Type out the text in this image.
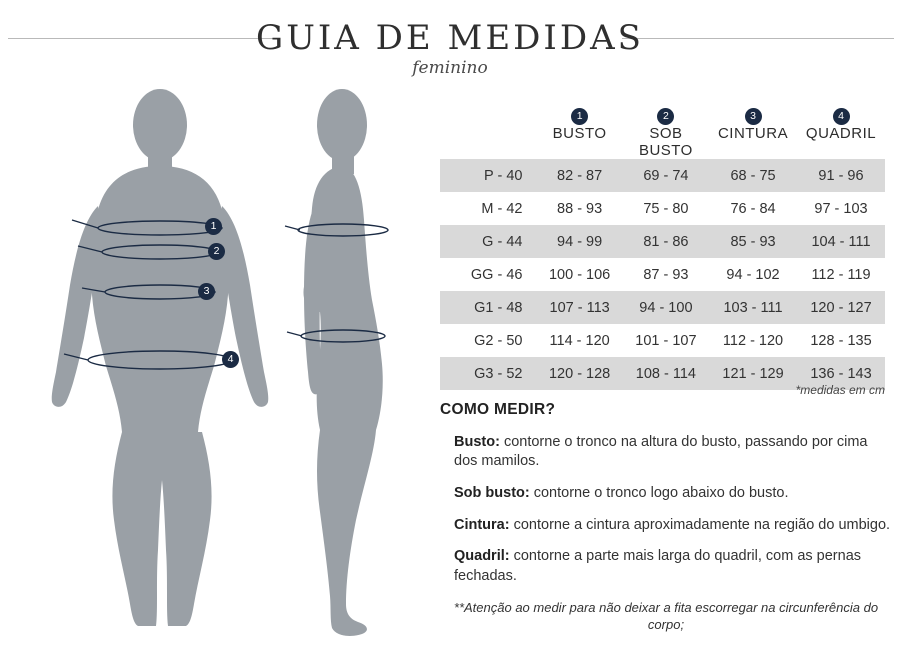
GUIA DE MEDIDAS
feminino
1
2
3
4
	1	2	3	4
	BUSTO	SOB BUSTO	CINTURA	QUADRIL
P - 40	82 - 87	69 - 74	68 - 75	91 - 96
M - 42	88 - 93	75 - 80	76 - 84	97 - 103
G - 44	94 - 99	81 - 86	85 - 93	104 - 111
GG - 46	100 - 106	87 - 93	94 - 102	112 - 119
G1 - 48	107 - 113	94 - 100	103 - 111	120 - 127
G2 - 50	114 - 120	101 - 107	112 - 120	128 - 135
G3 - 52	120 - 128	108 - 114	121 - 129	136 - 143
*medidas em cm
COMO MEDIR?

Busto: contorne o tronco na altura do busto, passando por cima dos mamilos.

Sob busto: contorne o tronco logo abaixo do busto.

Cintura: contorne a cintura aproximadamente na região do umbigo.

Quadril: contorne a parte mais larga do quadril, com as pernas fechadas.

**Atenção ao medir para não deixar a fita escorregar na circunferência do corpo;
